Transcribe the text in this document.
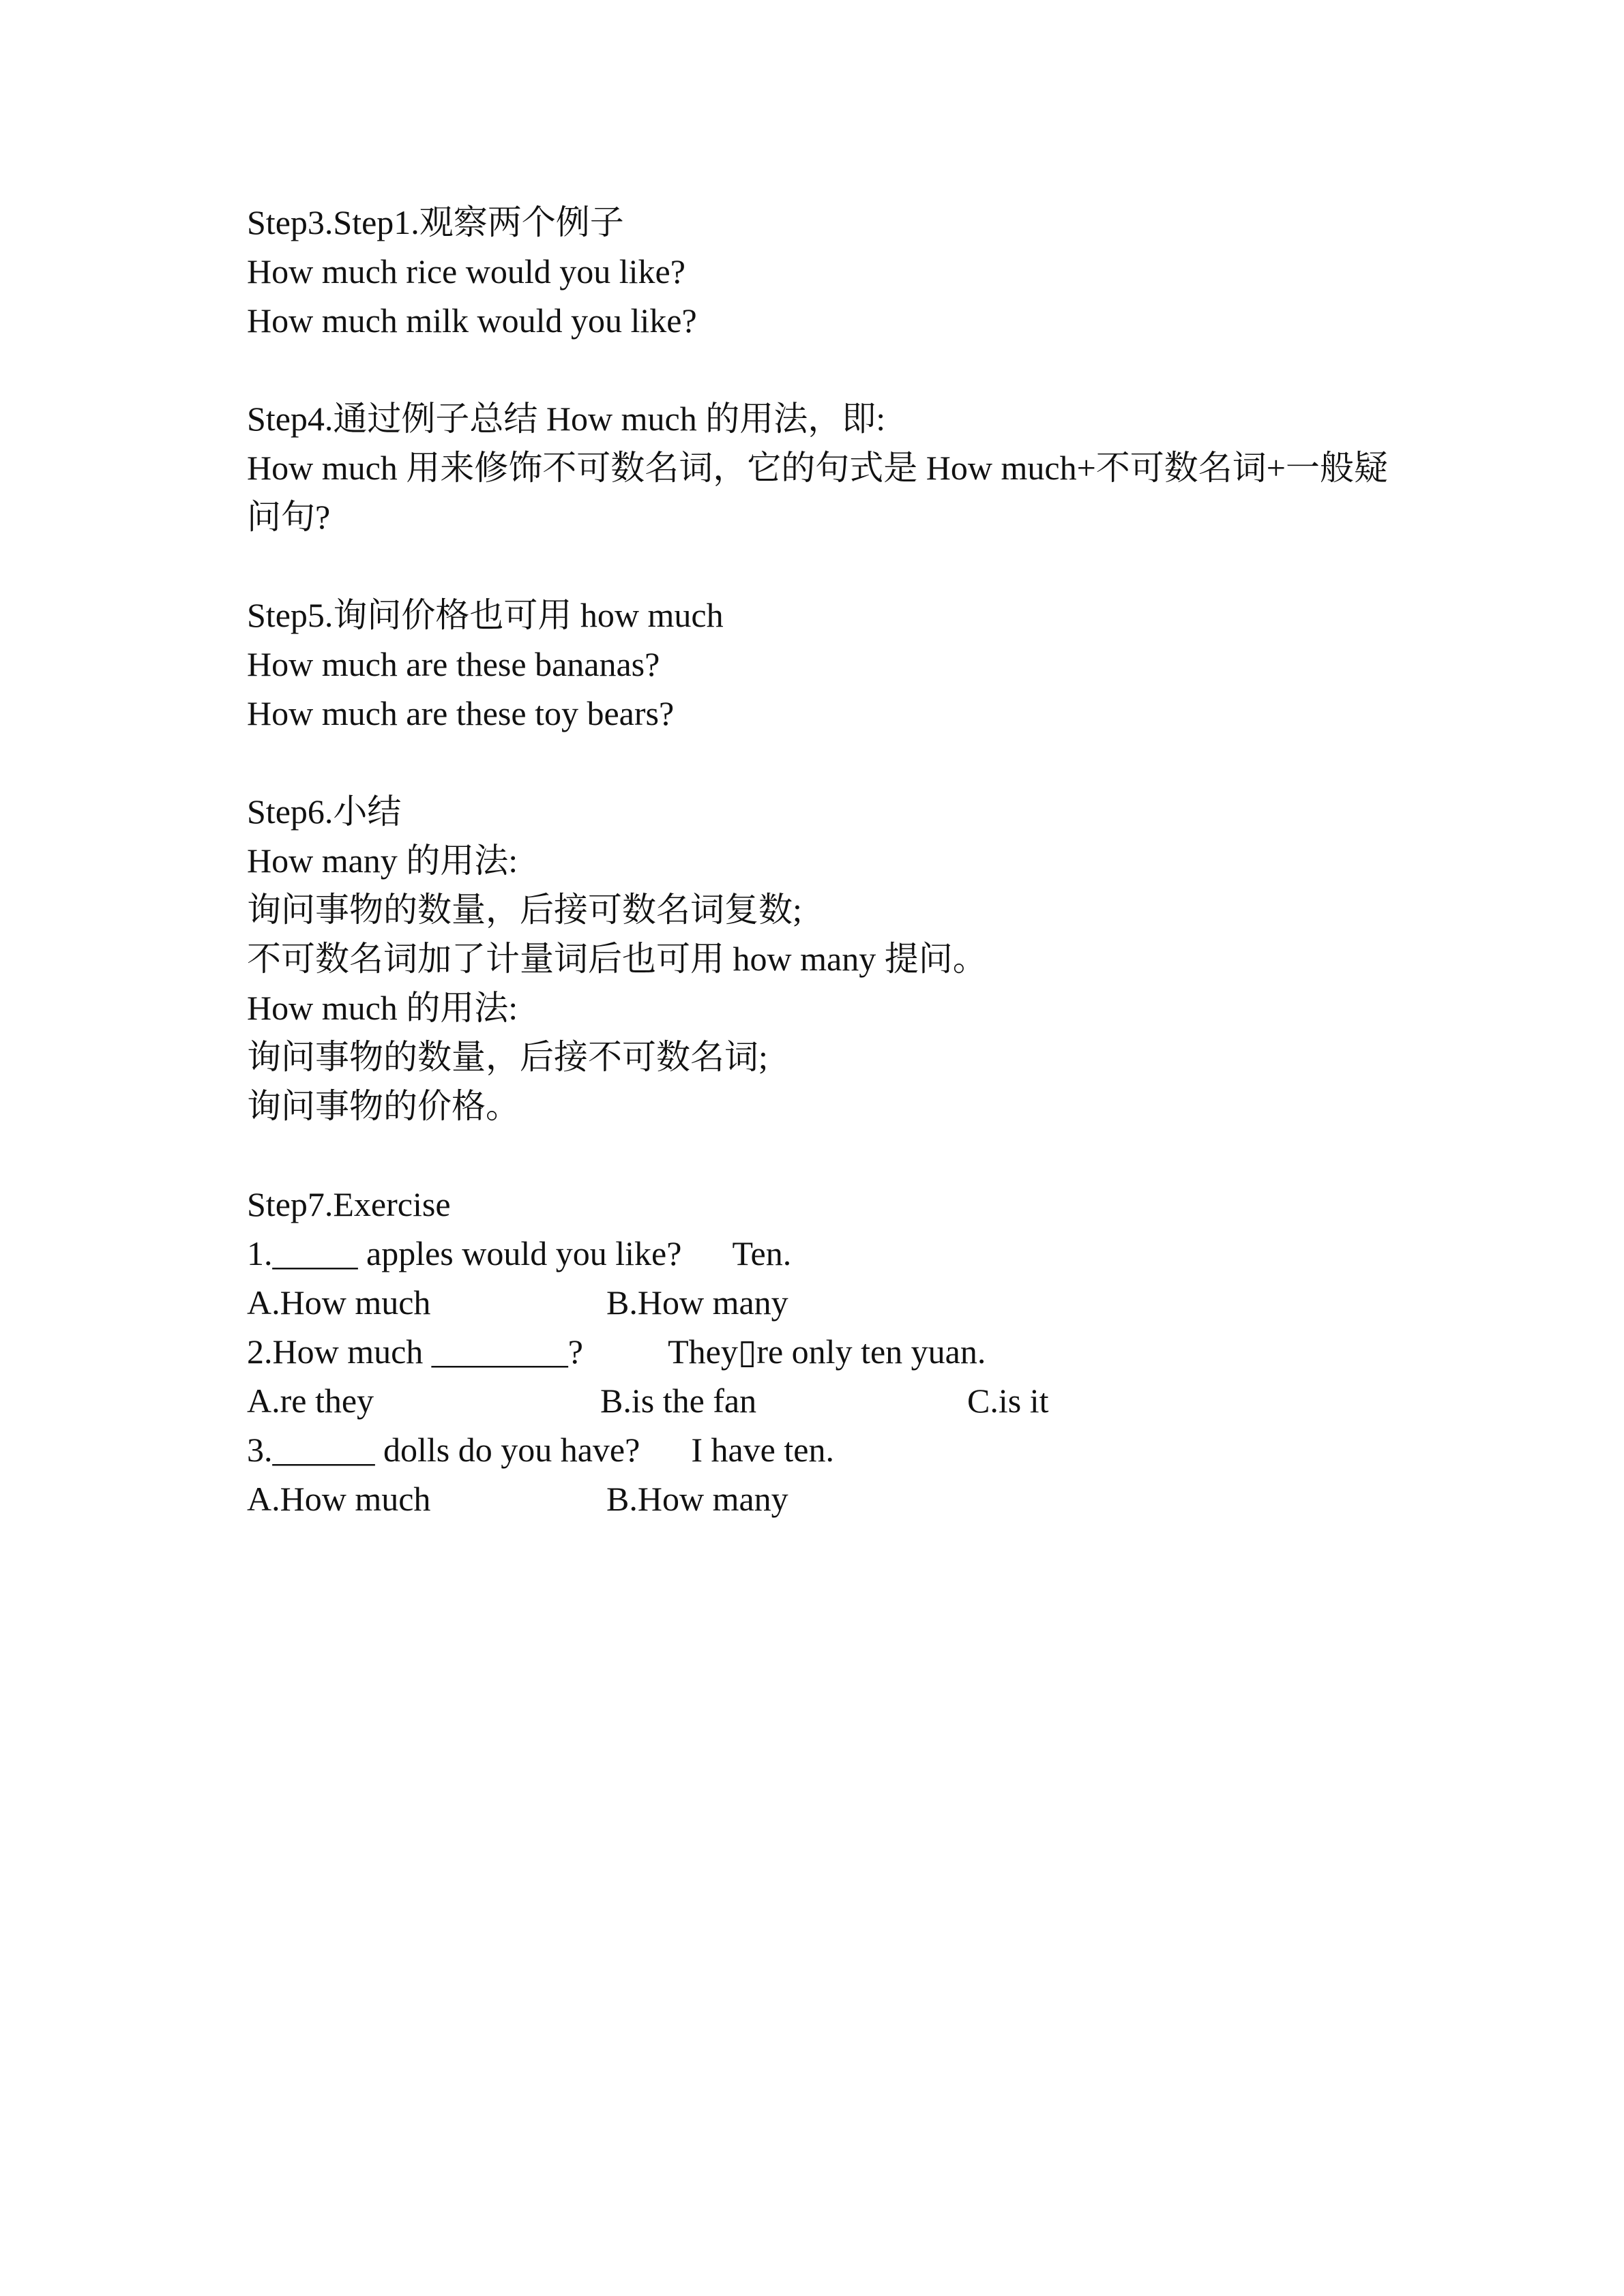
Step3.Step1.观察两个例子
How much rice would you like?
How much milk would you like?
Step4.通过例子总结 How much 的用法，即:
How much 用来修饰不可数名词，它的句式是 How much+不可数名词+一般疑问句?
Step5.询问价格也可用 how much
How much are these bananas?
How much are these toy bears?
Step6.小结
How many 的用法:
询问事物的数量，后接可数名词复数;
不可数名词加了计量词后也可用 how many 提问。
How much 的用法:
询问事物的数量，后接不可数名词;
询问事物的价格。
Step7.Exercise
1._____ apples would you like?      Ten.

A.How much

	B.How many

2.How much ________?          They▯re only ten yuan.

A.re they

	B.is the fan

	C.is it

3.______ dolls do you have?      I have ten.

A.How much

	B.How many
